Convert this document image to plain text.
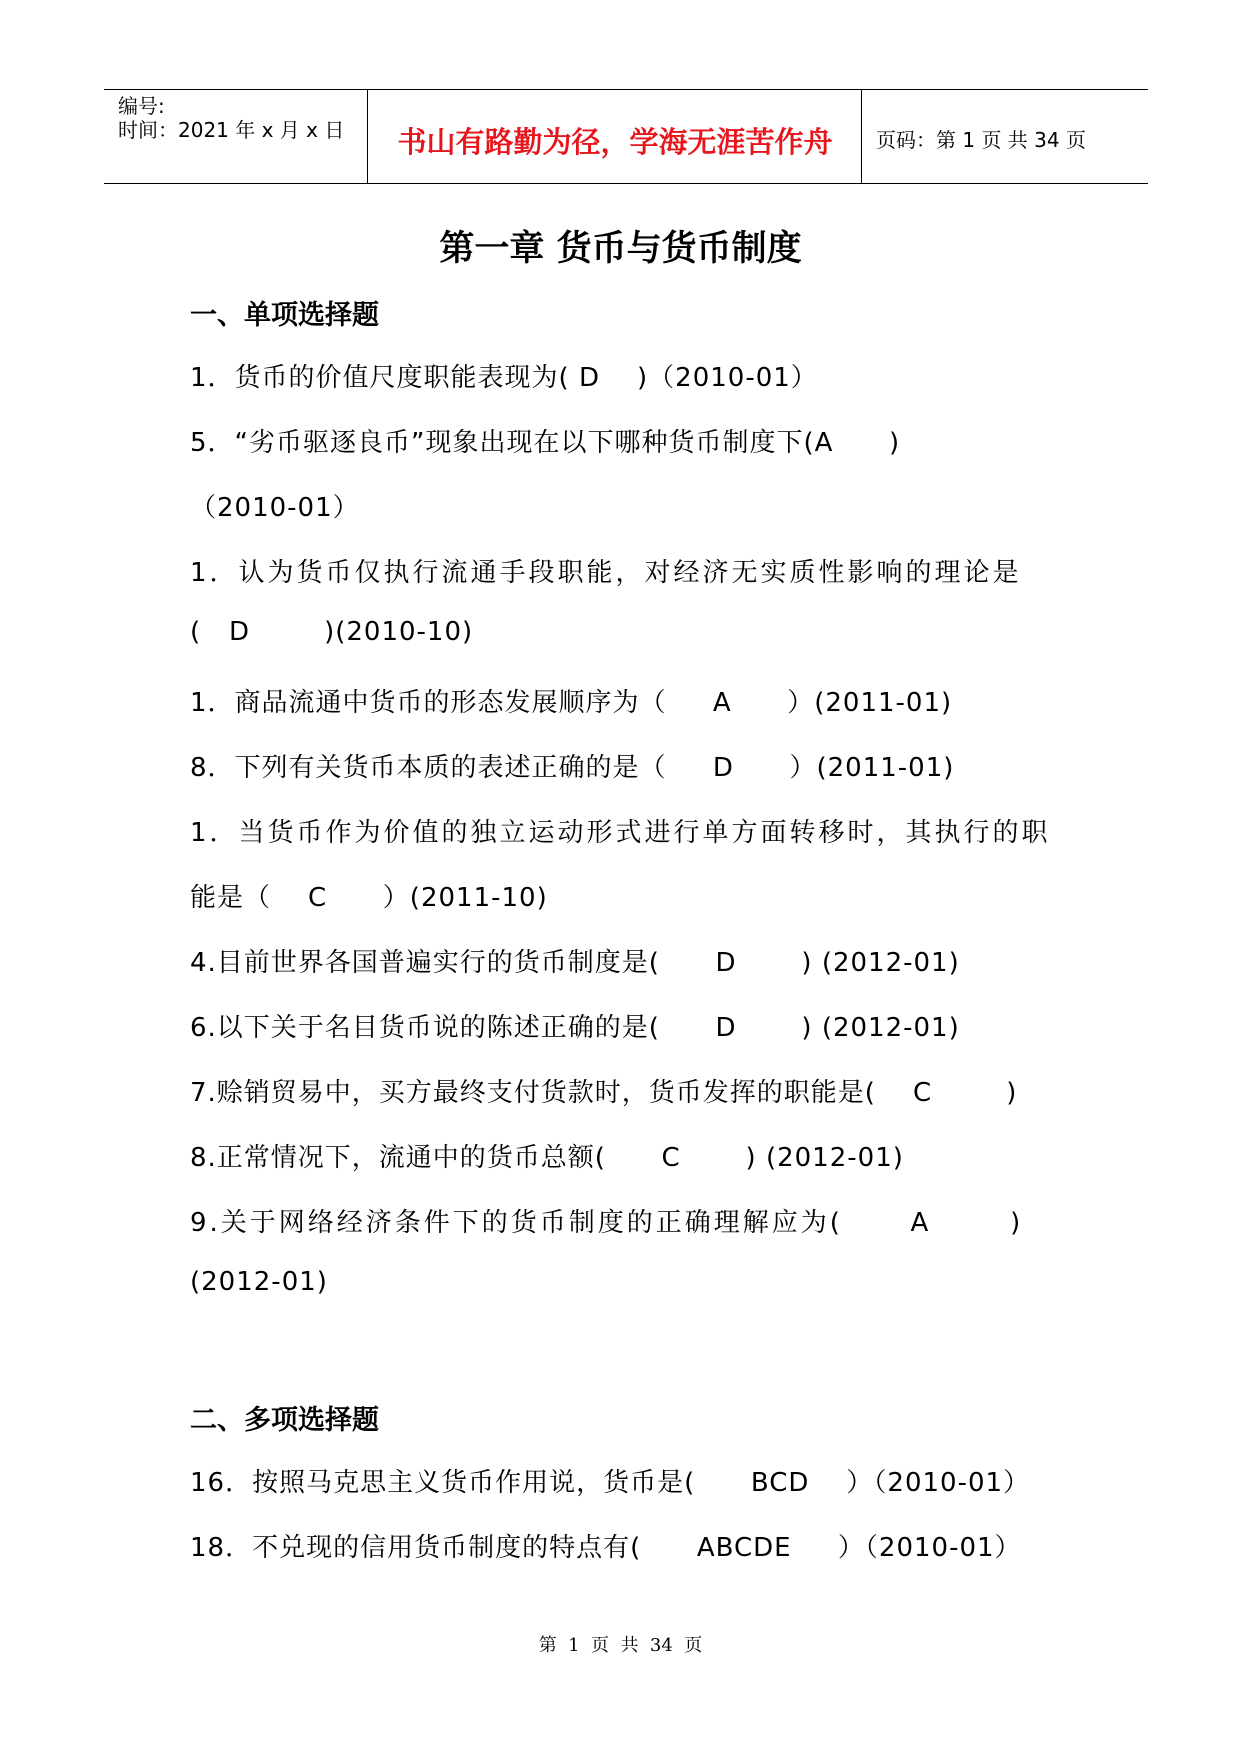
编号:
时间：2021 年 x 月 x 日	书山有路勤为径，学海无涯苦作舟	页码：第 1 页 共 34 页
第一章 货币与货币制度
一、单项选择题
1．货币的价值尺度职能表现为( D    )（2010-01）
5．“劣币驱逐良币”现象出现在以下哪种货币制度下(A      )
（2010-01）
1．认为货币仅执行流通手段职能，对经济无实质性影响的理论是
(   D        )(2010-10)
1．商品流通中货币的形态发展顺序为（     A      ）(2011-01)
8．下列有关货币本质的表述正确的是（     D      ）(2011-01)
1．当货币作为价值的独立运动形式进行单方面转移时，其执行的职
能是（    C      ）(2011-10)
4.目前世界各国普遍实行的货币制度是(      D       ) (2012-01)
6.以下关于名目货币说的陈述正确的是(      D       ) (2012-01)
7.赊销贸易中，买方最终支付货款时，货币发挥的职能是(    C        )
8.正常情况下，流通中的货币总额(      C       ) (2012-01)
9.关于网络经济条件下的货币制度的正确理解应为(      A       )
(2012-01)
二、多项选择题
16．按照马克思主义货币作用说，货币是(      BCD    ）（2010-01）
18．不兑现的信用货币制度的特点有(      ABCDE     ）（2010-01）
第  1  页  共  34  页
